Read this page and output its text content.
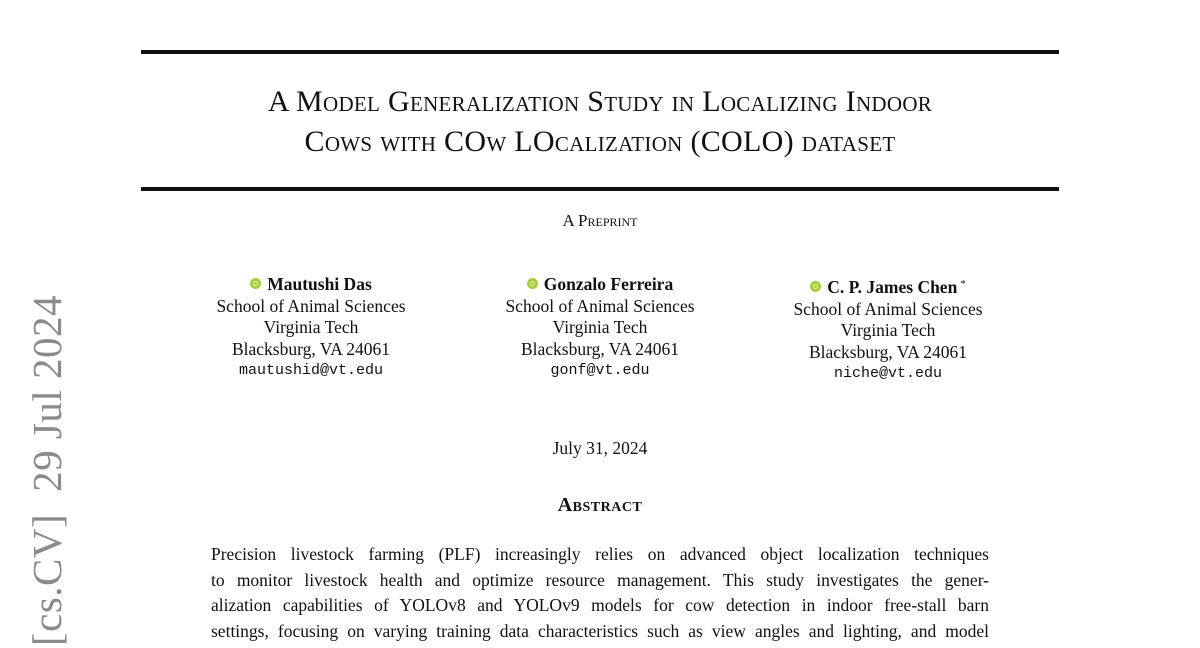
A Model Generalization Study in Localizing Indoor
Cows with COw LOcalization (COLO) dataset
A Preprint
Mautushi Das
School of Animal Sciences
Virginia Tech
Blacksburg, VA 24061
mautushid@vt.edu
Gonzalo Ferreira
School of Animal Sciences
Virginia Tech
Blacksburg, VA 24061
gonf@vt.edu
C. P. James Chen *
School of Animal Sciences
Virginia Tech
Blacksburg, VA 24061
niche@vt.edu
July 31, 2024
Abstract
Precision livestock farming (PLF) increasingly relies on advanced object localization techniques
to monitor livestock health and optimize resource management. This study investigates the gener-
alization capabilities of YOLOv8 and YOLOv9 models for cow detection in indoor free-stall barn
settings, focusing on varying training data characteristics such as view angles and lighting, and model
[cs.CV]29 Jul 2024
